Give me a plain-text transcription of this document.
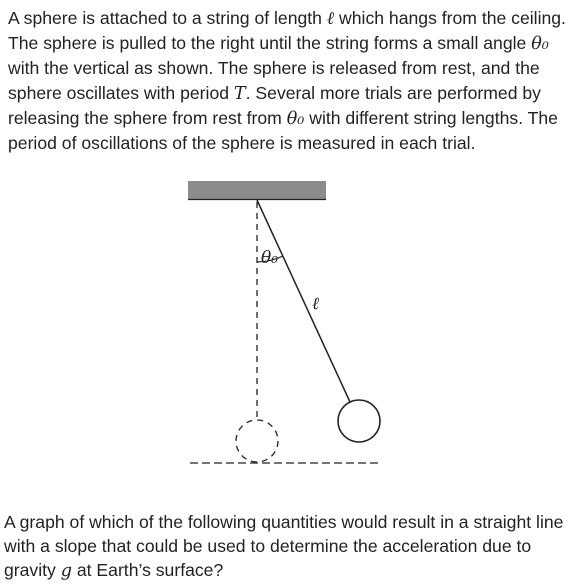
A sphere is attached to a string of length ℓ which hangs from the ceiling. The sphere is pulled to the right until the string forms a small angle θ₀ with the vertical as shown. The sphere is released from rest, and the sphere oscillates with period T. Several more trials are performed by releasing the sphere from rest from θ₀ with different string lengths. The period of oscillations of the sphere is measured in each trial.

θ₀
ℓ

A graph of which of the following quantities would result in a straight line with a slope that could be used to determine the acceleration due to gravity g at Earth’s surface?
